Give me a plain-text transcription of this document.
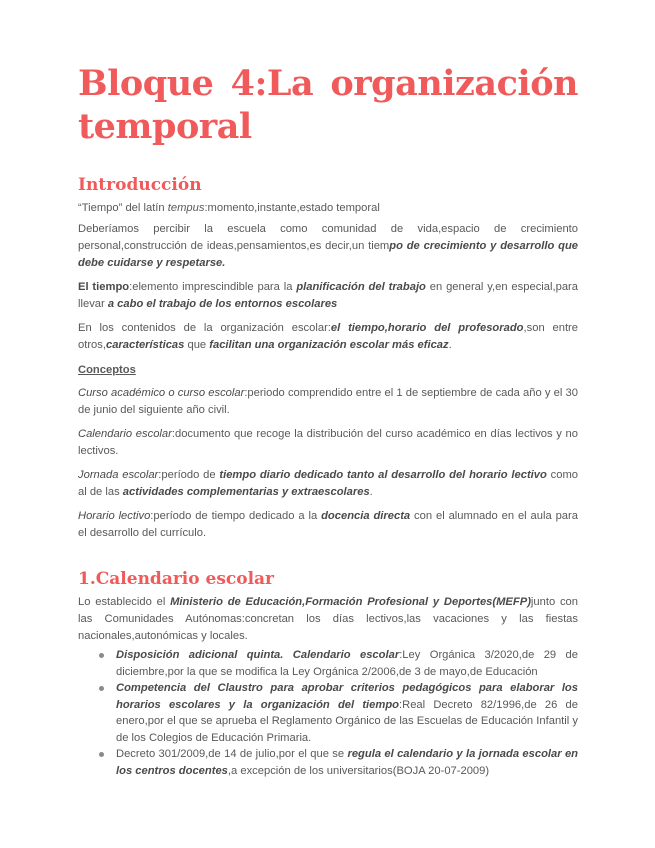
Bloque 4:La organización temporal
Introducción

“Tiempo” del latín tempus:momento,instante,estado temporal

Deberíamos percibir la escuela como comunidad de vida,espacio de crecimiento personal,construcción de ideas,pensamientos,es decir,un tiempo de crecimiento y desarrollo que debe cuidarse y respetarse.

El tiempo:elemento imprescindible para la planificación del trabajo en general y,en especial,para llevar a cabo el trabajo de los entornos escolares

En los contenidos de la organización escolar:el tiempo,horario del profesorado,son entre otros,características que facilitan una organización escolar más eficaz.

Conceptos

Curso académico o curso escolar:periodo comprendido entre el 1 de septiembre de cada año y el 30 de junio del siguiente año civil.

Calendario escolar:documento que recoge la distribución del curso académico en días lectivos y no lectivos.

Jornada escolar:período de tiempo diario dedicado tanto al desarrollo del horario lectivo como al de las actividades complementarias y extraescolares.

Horario lectivo:período de tiempo dedicado a la docencia directa con el alumnado en el aula para el desarrollo del currículo.

1.Calendario escolar

Lo establecido el Ministerio de Educación,Formación Profesional y Deportes(MEFP)junto con las Comunidades Autónomas:concretan los días lectivos,las vacaciones y las fiestas nacionales,autonómicas y locales.

Disposición adicional quinta. Calendario escolar:Ley Orgánica 3/2020,de 29 de diciembre,por la que se modifica la Ley Orgánica 2/2006,de 3 de mayo,de Educación
Competencia del Claustro para aprobar criterios pedagógicos para elaborar los horarios escolares y la organización del tiempo:Real Decreto 82/1996,de 26 de enero,por el que se aprueba el Reglamento Orgánico de las Escuelas de Educación Infantil y de los Colegios de Educación Primaria.
Decreto 301/2009,de 14 de julio,por el que se regula el calendario y la jornada escolar en los centros docentes,a excepción de los universitarios(BOJA 20-07-2009)
